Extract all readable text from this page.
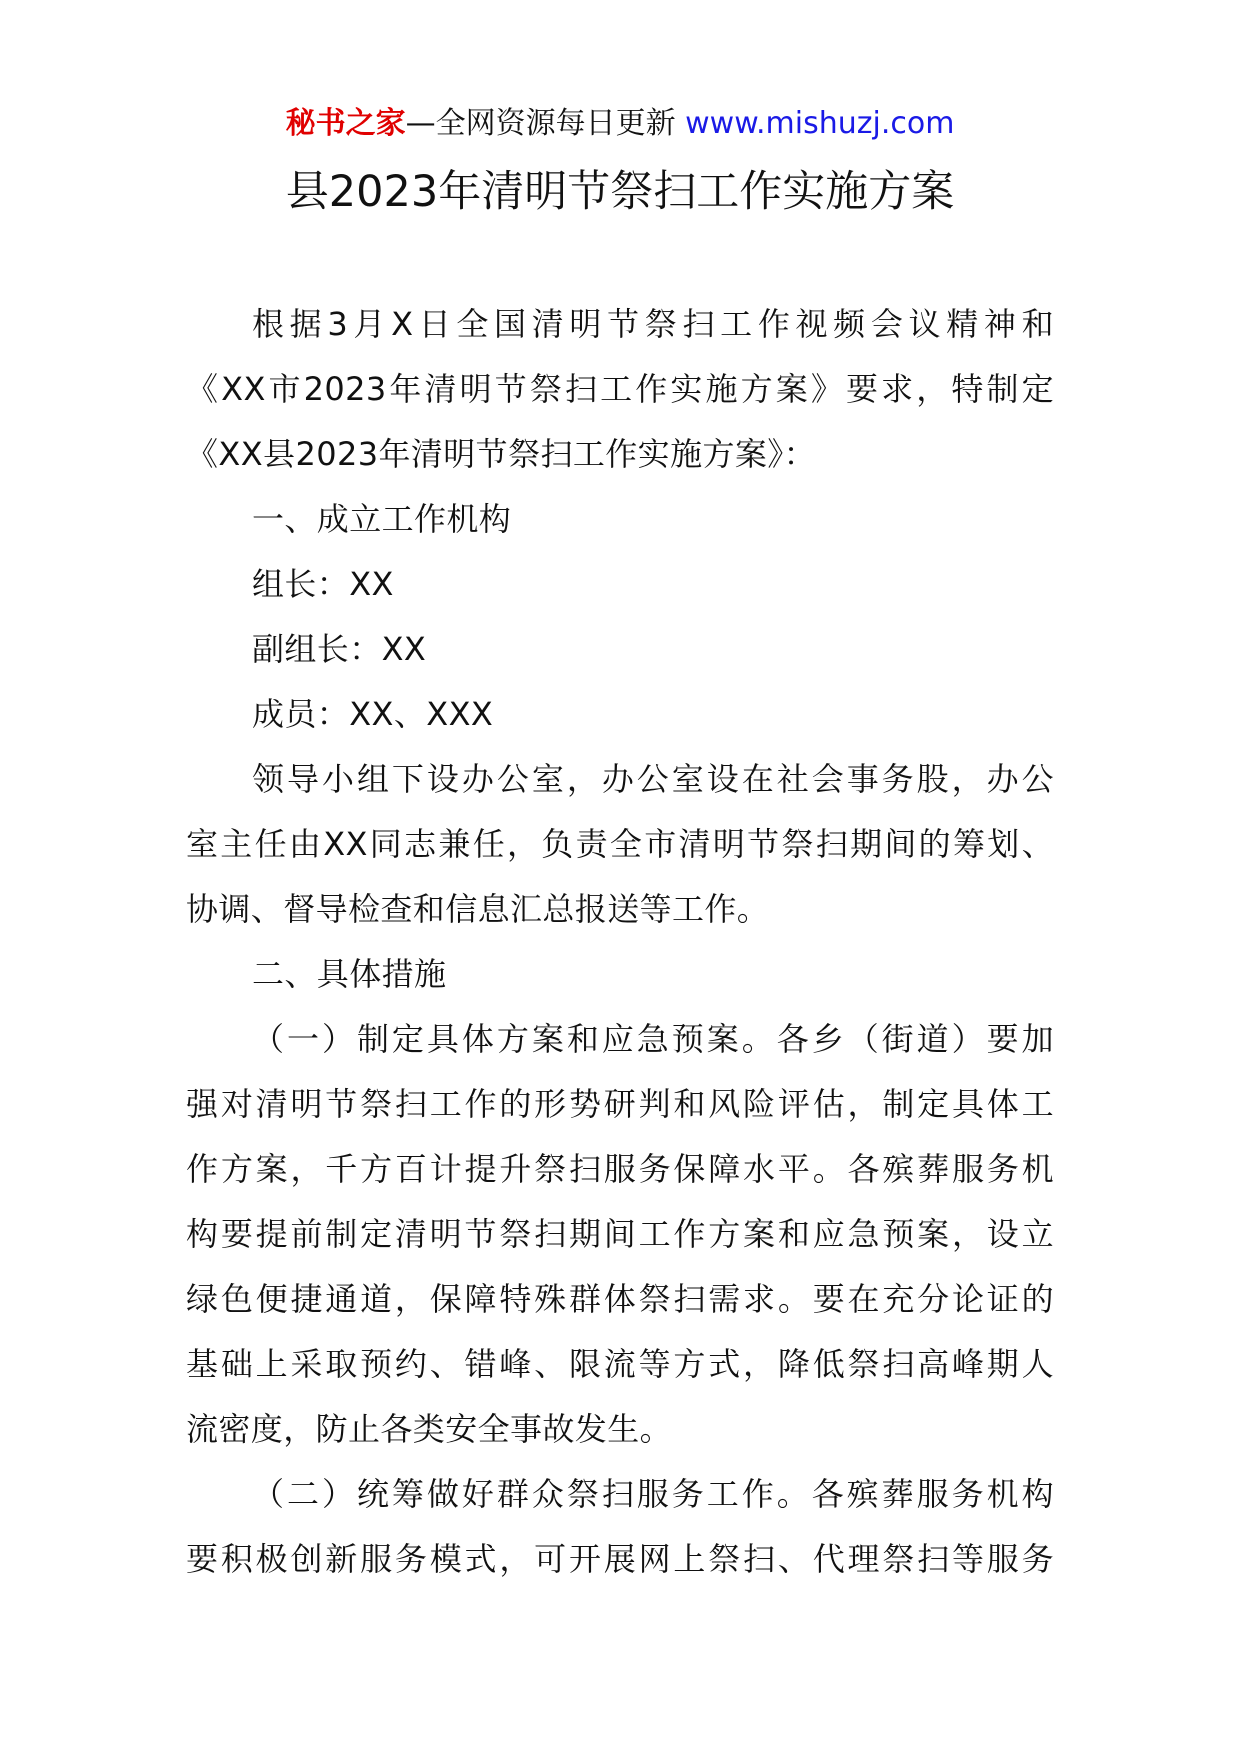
秘书之家—全网资源每日更新 www.mishuzj.com
县2023年清明节祭扫工作实施方案
根据3月X日全国清明节祭扫工作视频会议精神和
《XX市2023年清明节祭扫工作实施方案》要求，特制定
《XX县2023年清明节祭扫工作实施方案》：
一、成立工作机构
组长：XX
副组长：XX
成员：XX、XXX
领导小组下设办公室，办公室设在社会事务股，办公
室主任由XX同志兼任，负责全市清明节祭扫期间的筹划、
协调、督导检查和信息汇总报送等工作。
二、具体措施
（一）制定具体方案和应急预案。各乡（街道）要加
强对清明节祭扫工作的形势研判和风险评估，制定具体工
作方案，千方百计提升祭扫服务保障水平。各殡葬服务机
构要提前制定清明节祭扫期间工作方案和应急预案，设立
绿色便捷通道，保障特殊群体祭扫需求。要在充分论证的
基础上采取预约、错峰、限流等方式，降低祭扫高峰期人
流密度，防止各类安全事故发生。
（二）统筹做好群众祭扫服务工作。各殡葬服务机构
要积极创新服务模式，可开展网上祭扫、代理祭扫等服务
